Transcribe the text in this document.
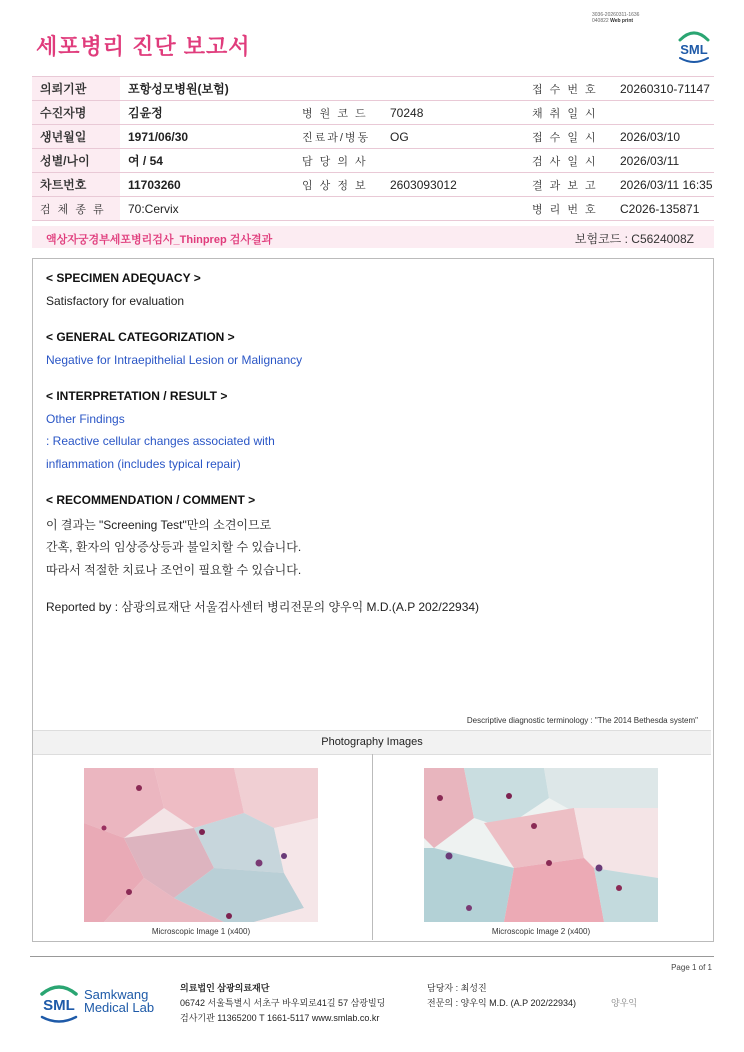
세포병리 진단 보고서
3036-20260311-1636
040822 Web print
SML
의뢰기관	포항성모병원(보험)			접 수 번 호	20260310-71147
수진자명	김윤정	병 원 코 드	70248	채 취 일 시	
생년월일	1971/06/30	진료과/병동	OG	접 수 일 시	2026/03/10
성별/나이	여 / 54	담 당 의 사		검 사 일 시	2026/03/11
차트번호	11703260	임 상 정 보	2603093012	결 과 보 고	2026/03/11 16:35
검 체 종 류	70:Cervix			병 리 번 호	C2026-135871
액상자궁경부세포병리검사_Thinprep 검사결과	보험코드 : C5624008Z
< SPECIMEN ADEQUACY >
Satisfactory for evaluation
< GENERAL CATEGORIZATION >
Negative for Intraepithelial Lesion or Malignancy
< INTERPRETATION / RESULT >
Other Findings
: Reactive cellular changes associated with
inflammation (includes typical repair)
< RECOMMENDATION / COMMENT >
이 결과는 "Screening Test"만의 소견이므로
간혹, 환자의 임상증상등과 불일치할 수 있습니다.
따라서 적절한 치료나 조언이 필요할 수 있습니다.
Reported by : 삼광의료재단 서울검사센터 병리전문의 양우익 M.D.(A.P 202/22934)
Descriptive diagnostic terminology : "The 2014 Bethesda system"
Photography Images
Microscopic Image 1 (x400)	Microscopic Image 2 (x400)
Page 1 of 1
SML
Samkwang
Medical Lab
의료법인 삼광의료재단
06742 서울특별시 서초구 바우뫼로41길 57 삼광빌딩
검사기관 11365200 T 1661-5117 www.smlab.co.kr
담당자 : 최성진
전문의 : 양우익 M.D. (A.P 202/22934)	양우익
